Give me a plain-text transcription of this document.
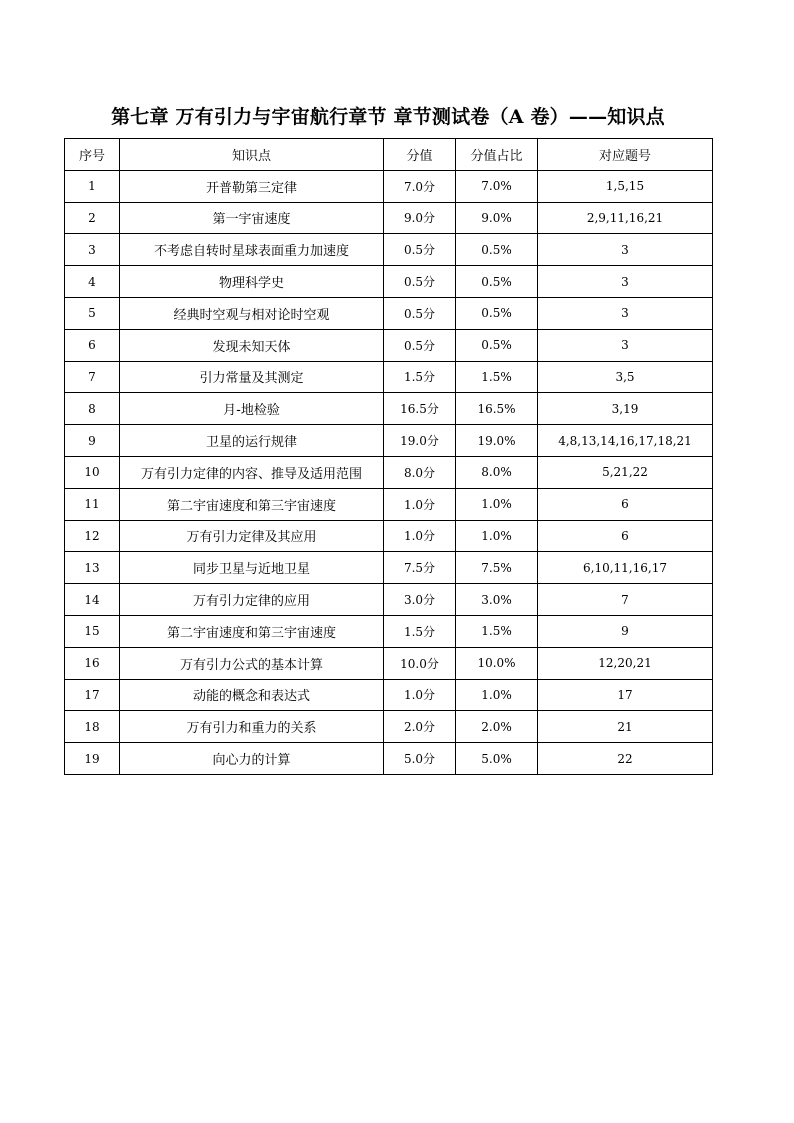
第七章 万有引力与宇宙航行章节 章节测试卷（A 卷）——知识点
序号	知识点	分值	分值占比	对应题号
1	开普勒第三定律	7.0分	7.0%	1,5,15
2	第一宇宙速度	9.0分	9.0%	2,9,11,16,21
3	不考虑自转时星球表面重力加速度	0.5分	0.5%	3
4	物理科学史	0.5分	0.5%	3
5	经典时空观与相对论时空观	0.5分	0.5%	3
6	发现未知天体	0.5分	0.5%	3
7	引力常量及其测定	1.5分	1.5%	3,5
8	月-地检验	16.5分	16.5%	3,19
9	卫星的运行规律	19.0分	19.0%	4,8,13,14,16,17,18,21
10	万有引力定律的内容、推导及适用范围	8.0分	8.0%	5,21,22
11	第二宇宙速度和第三宇宙速度	1.0分	1.0%	6
12	万有引力定律及其应用	1.0分	1.0%	6
13	同步卫星与近地卫星	7.5分	7.5%	6,10,11,16,17
14	万有引力定律的应用	3.0分	3.0%	7
15	第二宇宙速度和第三宇宙速度	1.5分	1.5%	9
16	万有引力公式的基本计算	10.0分	10.0%	12,20,21
17	动能的概念和表达式	1.0分	1.0%	17
18	万有引力和重力的关系	2.0分	2.0%	21
19	向心力的计算	5.0分	5.0%	22
